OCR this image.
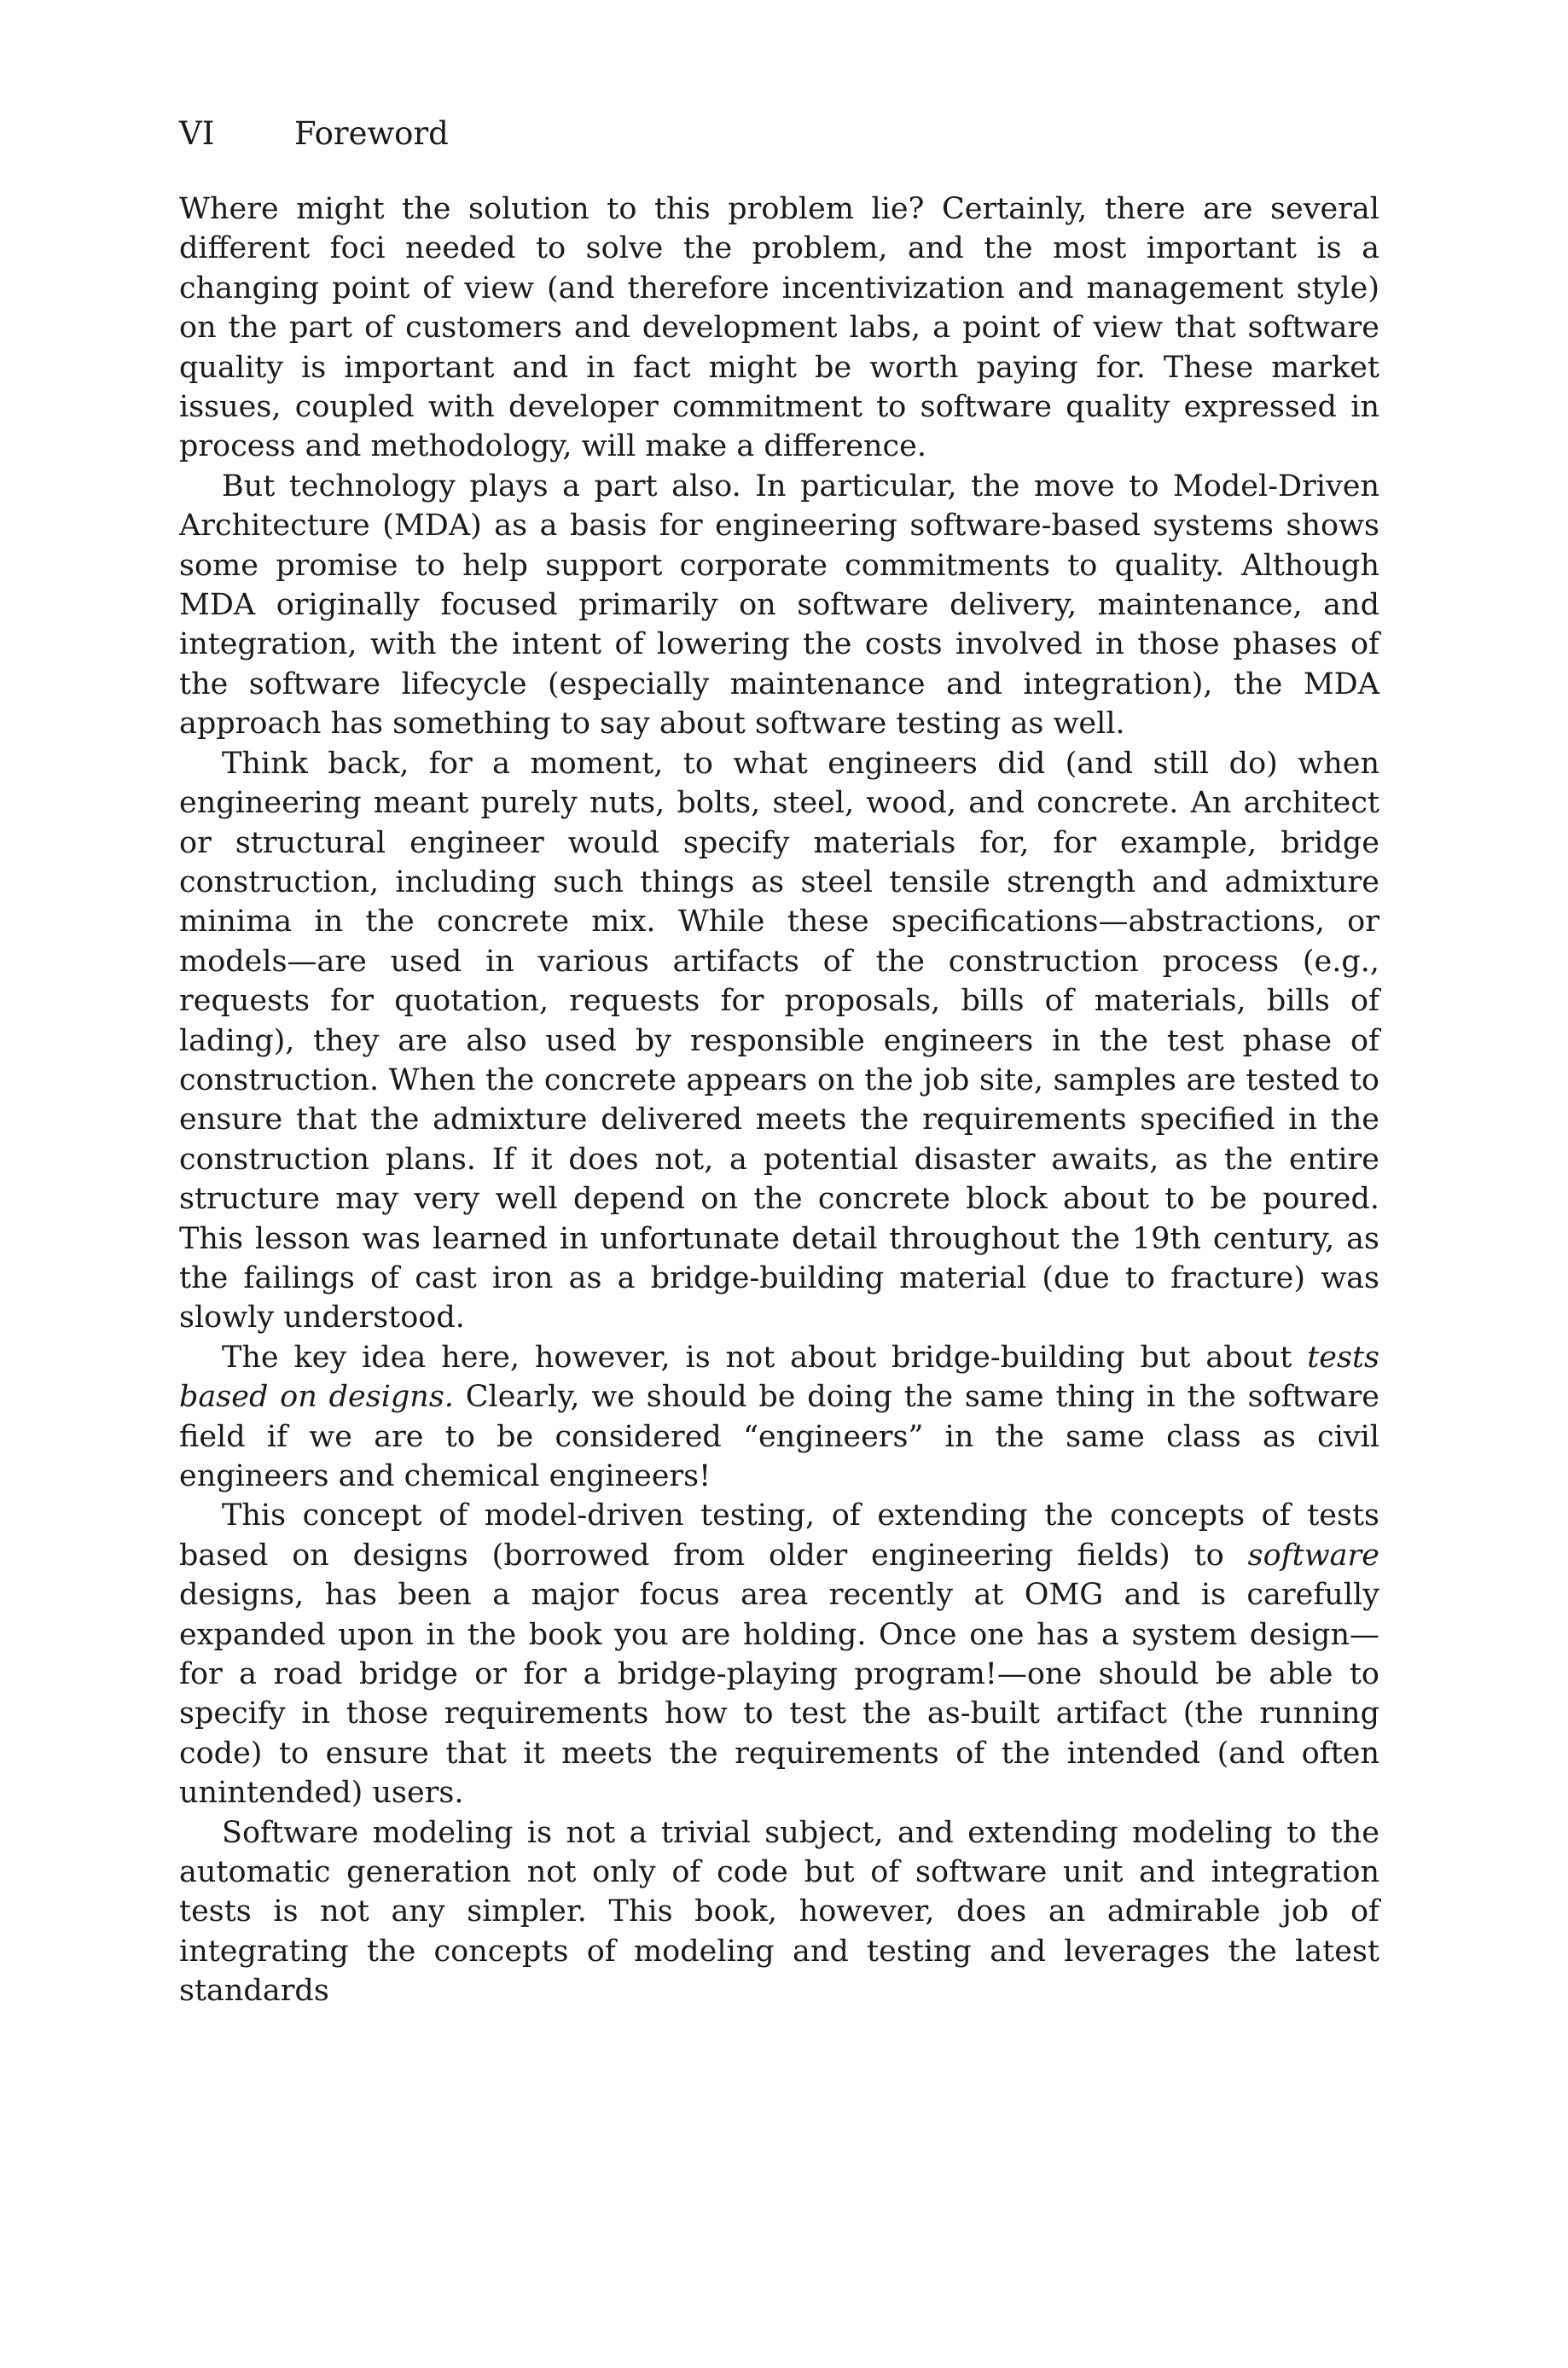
VI	Foreword

Where might the solution to this problem lie? Certainly, there are several different foci needed to solve the problem, and the most important is a changing point of view (and therefore incentivization and management style) on the part of customers and development labs, a point of view that software quality is important and in fact might be worth paying for. These market issues, coupled with developer commitment to software quality expressed in process and methodology, will make a difference.

But technology plays a part also. In particular, the move to Model-Driven Architecture (MDA) as a basis for engineering software-based systems shows some promise to help support corporate commitments to quality. Although MDA originally focused primarily on software delivery, maintenance, and integration, with the intent of lowering the costs involved in those phases of the software lifecycle (especially maintenance and integration), the MDA approach has something to say about software testing as well.

Think back, for a moment, to what engineers did (and still do) when engineering meant purely nuts, bolts, steel, wood, and concrete. An architect or structural engineer would specify materials for, for example, bridge construction, including such things as steel tensile strength and admixture minima in the concrete mix. While these specifications—abstractions, or models—are used in various artifacts of the construction process (e.g., requests for quotation, requests for proposals, bills of materials, bills of lading), they are also used by responsible engineers in the test phase of construction. When the concrete appears on the job site, samples are tested to ensure that the admixture delivered meets the requirements specified in the construction plans. If it does not, a potential disaster awaits, as the entire structure may very well depend on the concrete block about to be poured. This lesson was learned in unfortunate detail throughout the 19th century, as the failings of cast iron as a bridge-building material (due to fracture) was slowly understood.

The key idea here, however, is not about bridge-building but about tests based on designs. Clearly, we should be doing the same thing in the software field if we are to be considered “engineers” in the same class as civil engineers and chemical engineers!

This concept of model-driven testing, of extending the concepts of tests based on designs (borrowed from older engineering fields) to software designs, has been a major focus area recently at OMG and is carefully expanded upon in the book you are holding. Once one has a system design—for a road bridge or for a bridge-playing program!—one should be able to specify in those requirements how to test the as-built artifact (the running code) to ensure that it meets the requirements of the intended (and often unintended) users.

Software modeling is not a trivial subject, and extending modeling to the automatic generation not only of code but of software unit and integration tests is not any simpler. This book, however, does an admirable job of integrating the concepts of modeling and testing and leverages the latest standards
